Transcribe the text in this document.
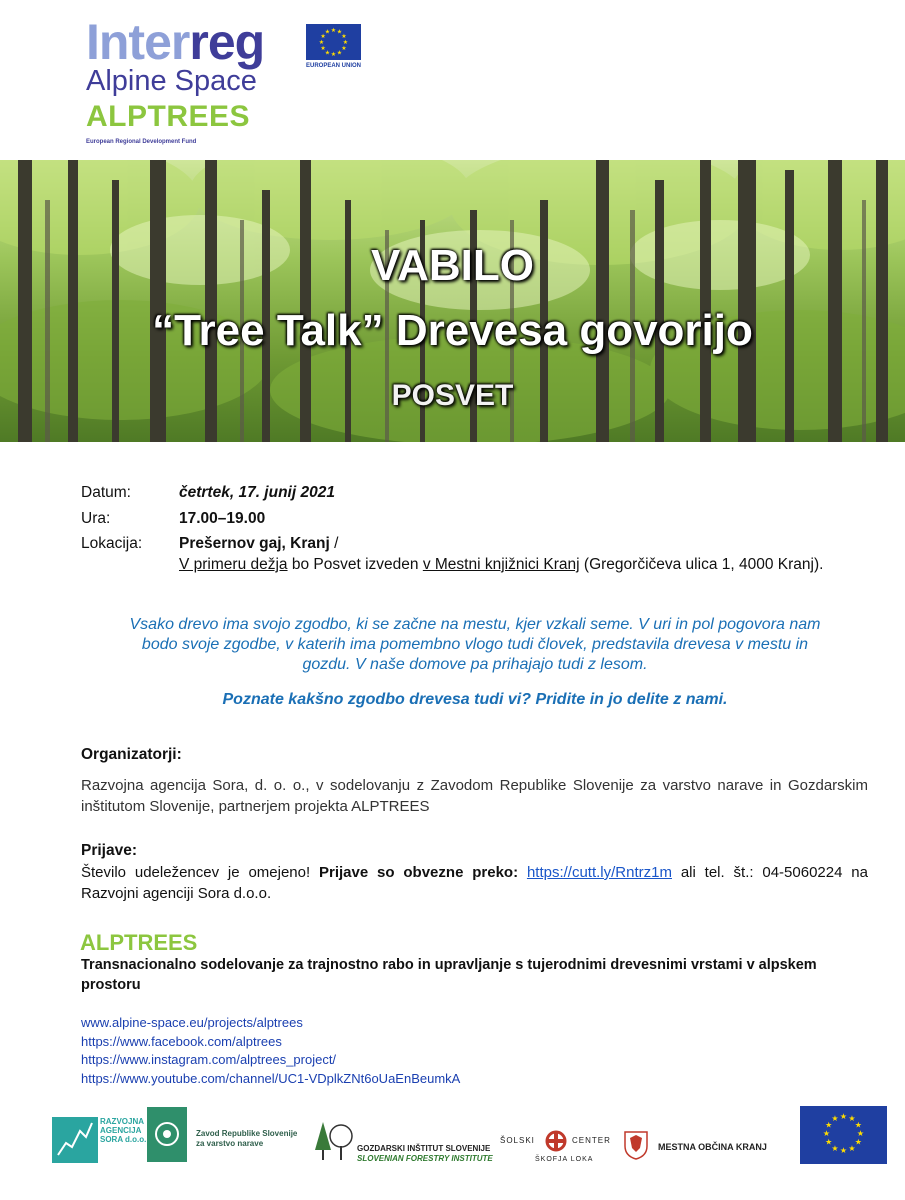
Interreg
Alpine Space
ALPTREES
European Regional Development Fund
★ ★
★
★
★
★
★
★
★
★
★
★
EUROPEAN UNION
VABILO
“Tree Talk” Drevesa govorijo
POSVET
Datum:	četrtek, 17. junij 2021
Ura:	17.00–19.00
Lokacija: Prešernov gaj, Kranj /
V primeru dežja bo Posvet izveden v Mestni knjižnici Kranj (Gregorčičeva ulica 1, 4000 Kranj).
Vsako drevo ima svojo zgodbo, ki se začne na mestu, kjer vzkali seme. V uri in pol pogovora nam
bodo svoje zgodbe, v katerih ima pomembno vlogo tudi človek, predstavila drevesa v mestu in
gozdu. V naše domove pa prihajajo tudi z lesom.
Poznate kakšno zgodbo drevesa tudi vi? Pridite in jo delite z nami.
Organizatorji:
Razvojna agencija Sora, d. o. o., v sodelovanju z Zavodom Republike Slovenije za varstvo narave in Gozdarskim inštitutom Slovenije, partnerjem projekta ALPTREES
Prijave:
Število udeležencev je omejeno! Prijave so obvezne preko: https://cutt.ly/Rntrz1m ali tel. št.: 04-5060224 na Razvojni agenciji Sora d.o.o.
ALPTREES
Transnacionalno sodelovanje za trajnostno rabo in upravljanje s tujerodnimi drevesnimi vrstami v alpskem prostoru
www.alpine-space.eu/projects/alptrees
https://www.facebook.com/alptrees
https://www.instagram.com/alptrees_project/
https://www.youtube.com/channel/UC1-VDplkZNt6oUaEnBeumkA
RAZVOJNA
AGENCIJA
SORA d.o.o.
Zavod Republike Slovenije
za varstvo narave
GOZDARSKI INŠTITUT SLOVENIJE
SLOVENIAN FORESTRY INSTITUTE
ŠOLSKI	CENTER
ŠKOFJA LOKA
MESTNA OBČINA KRANJ
★ ★
★
★
★
★
★
★
★
★
★
★
